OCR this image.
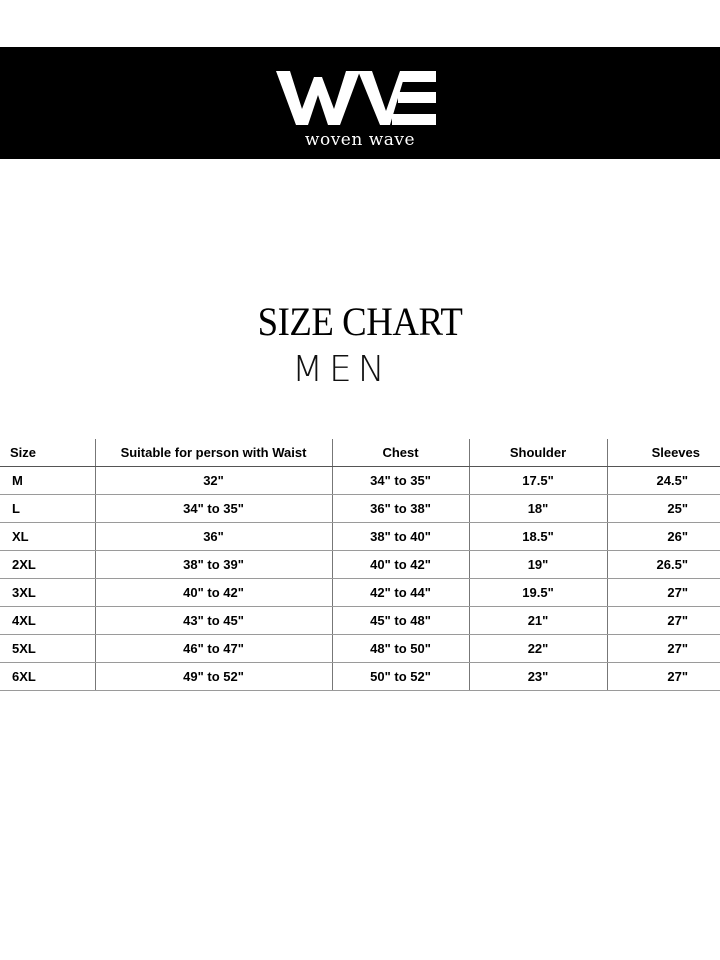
woven wave
SIZE CHART
MEN
Size	Suitable for person with Waist	Chest	Shoulder	Sleeves
M	32"	34" to 35"	17.5"	24.5"
L	34" to 35"	36" to 38"	18"	25"
XL	36"	38" to 40"	18.5"	26"
2XL	38" to 39"	40" to 42"	19"	26.5"
3XL	40" to 42"	42" to 44"	19.5"	27"
4XL	43" to 45"	45" to 48"	21"	27"
5XL	46" to 47"	48" to 50"	22"	27"
6XL	49" to 52"	50" to 52"	23"	27"
